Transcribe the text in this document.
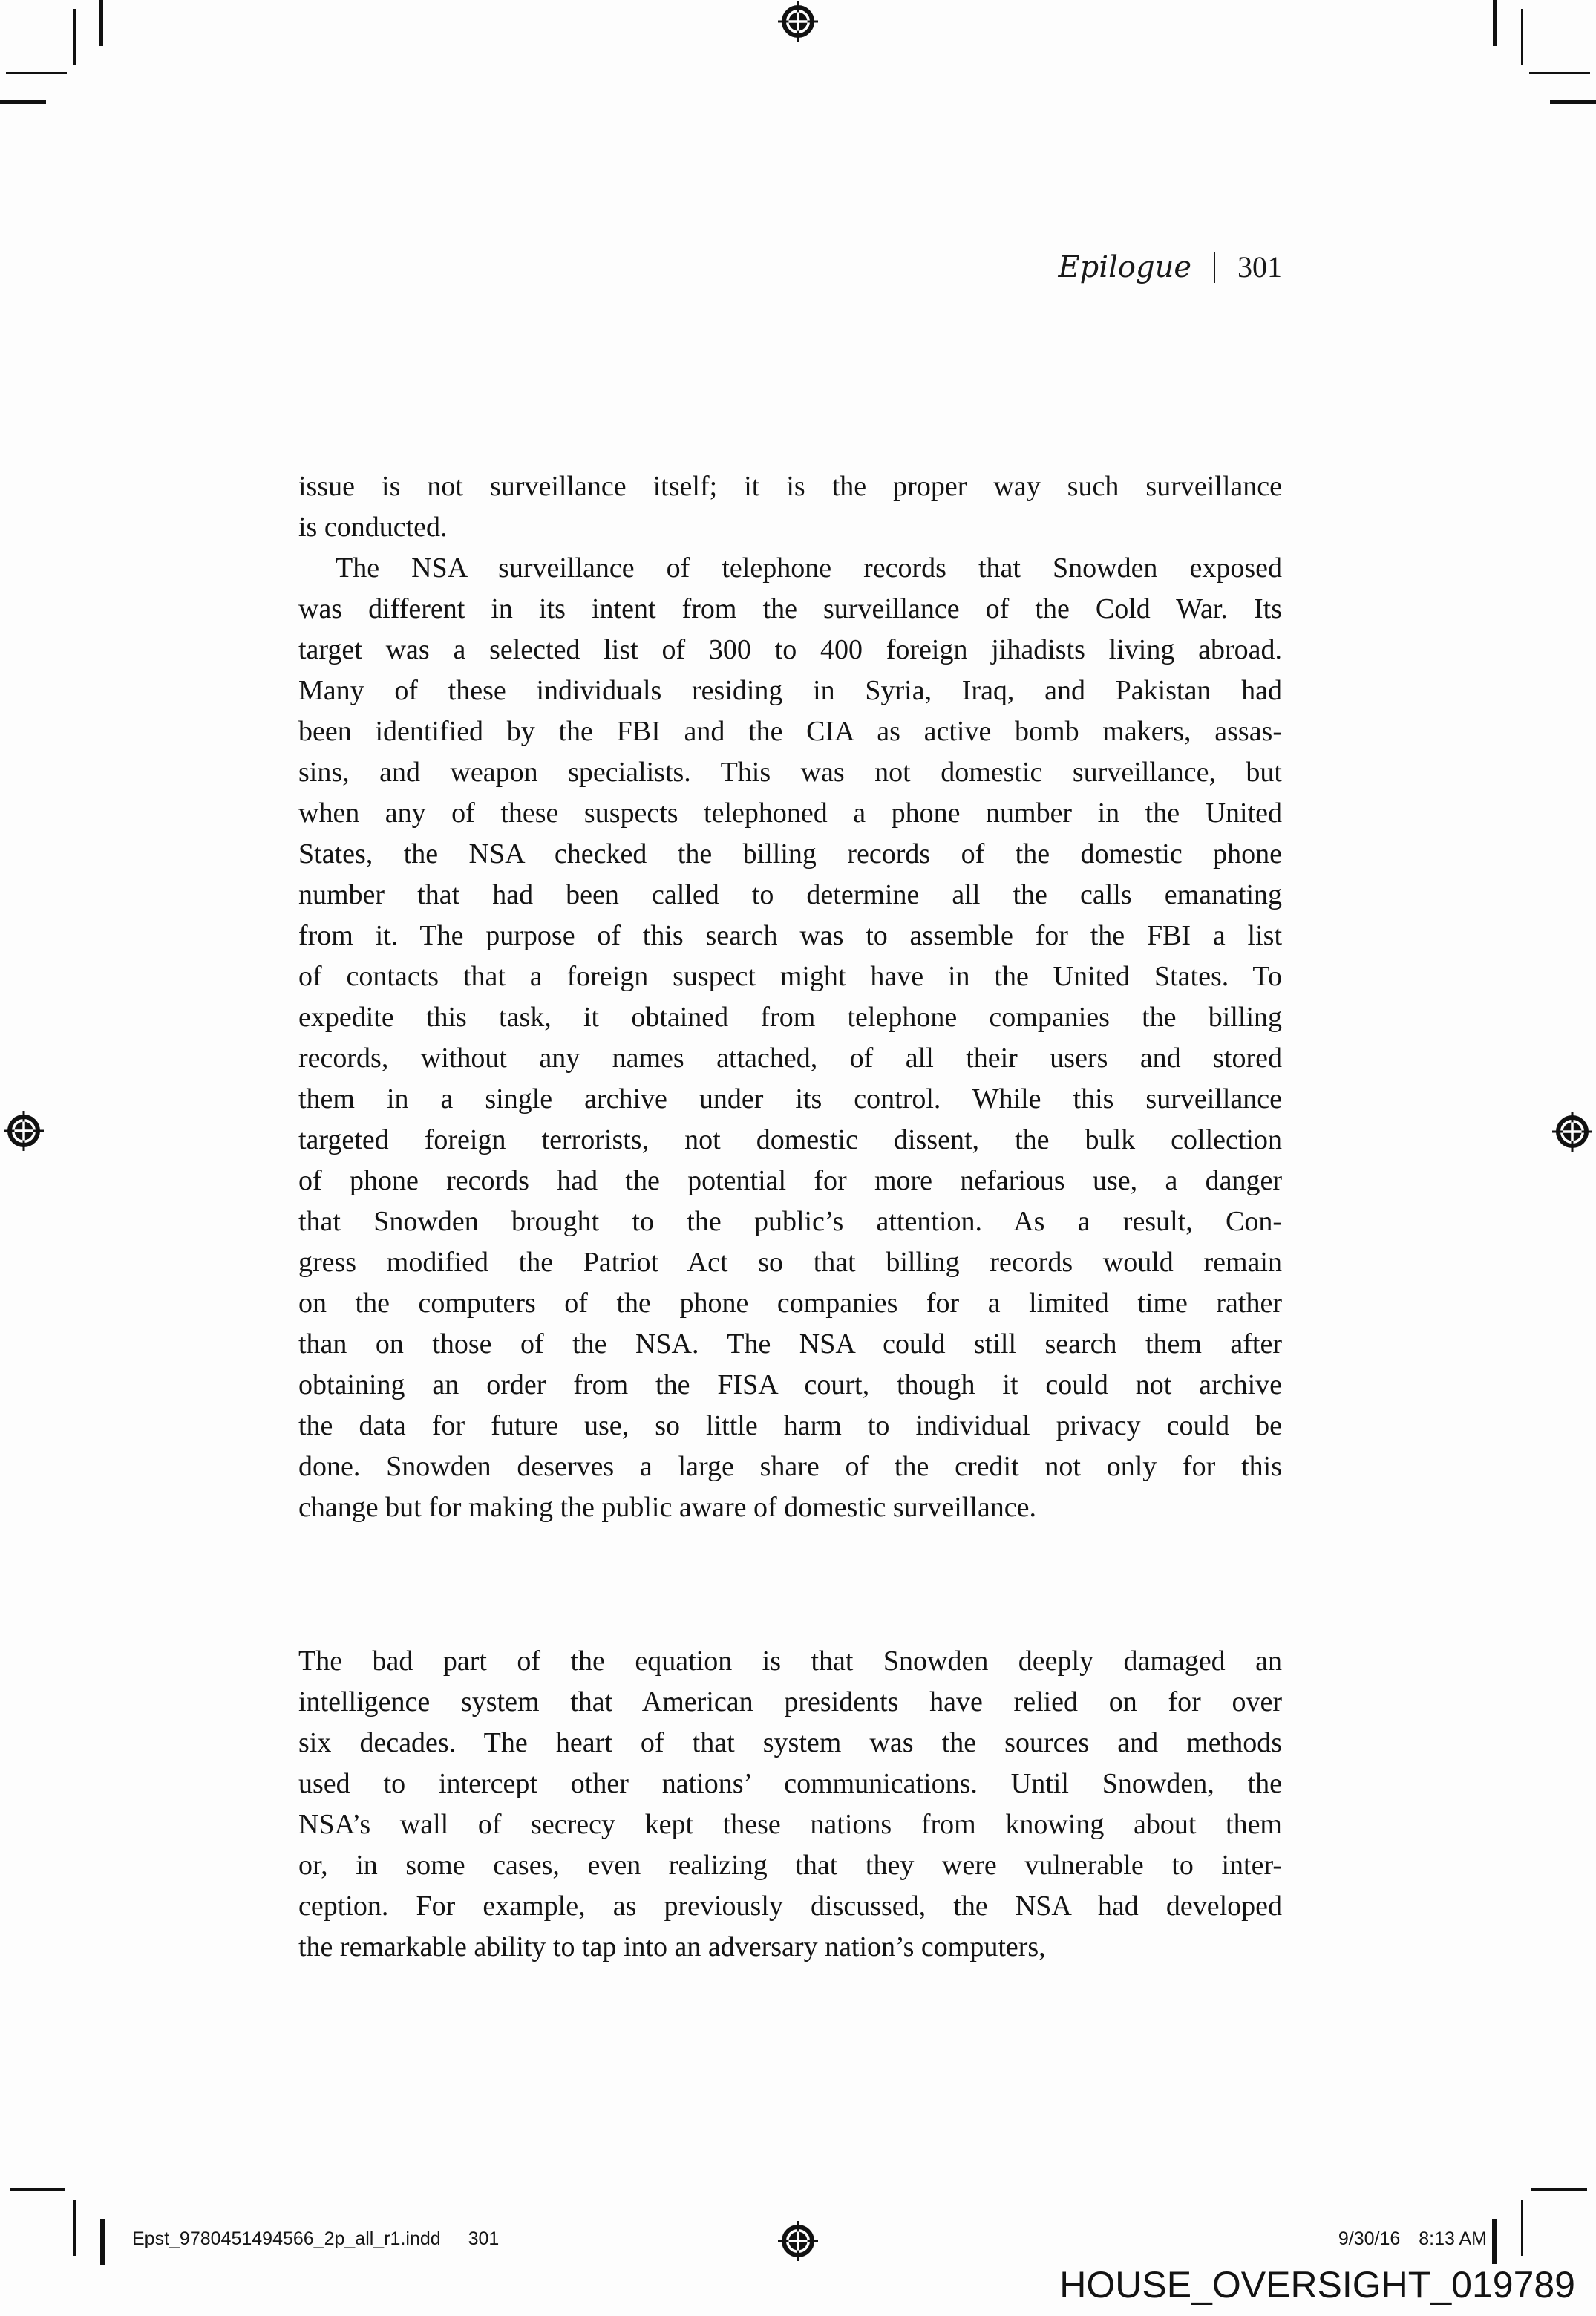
Epilogue 301
issue is not surveillance itself; it is the proper way such surveillance
is conducted.
The NSA surveillance of telephone records that Snowden exposed
was different in its intent from the surveillance of the Cold War. Its
target was a selected list of 300 to 400 foreign jihadists living abroad.
Many of these individuals residing in Syria, Iraq, and Pakistan had
been identified by the FBI and the CIA as active bomb makers, assas-
sins, and weapon specialists. This was not domestic surveillance, but
when any of these suspects telephoned a phone number in the United
States, the NSA checked the billing records of the domestic phone
number that had been called to determine all the calls emanating
from it. The purpose of this search was to assemble for the FBI a list
of contacts that a foreign suspect might have in the United States. To
expedite this task, it obtained from telephone companies the billing
records, without any names attached, of all their users and stored
them in a single archive under its control. While this surveillance
targeted foreign terrorists, not domestic dissent, the bulk collection
of phone records had the potential for more nefarious use, a danger
that Snowden brought to the public’s attention. As a result, Con-
gress modified the Patriot Act so that billing records would remain
on the computers of the phone companies for a limited time rather
than on those of the NSA. The NSA could still search them after
obtaining an order from the FISA court, though it could not archive
the data for future use, so little harm to individual privacy could be
done. Snowden deserves a large share of the credit not only for this
change but for making the public aware of domestic surveillance.
The bad part of the equation is that Snowden deeply damaged an
intelligence system that American presidents have relied on for over
six decades. The heart of that system was the sources and methods
used to intercept other nations’ communications. Until Snowden, the
NSA’s wall of secrecy kept these nations from knowing about them
or, in some cases, even realizing that they were vulnerable to inter-
ception. For example, as previously discussed, the NSA had developed
the remarkable ability to tap into an adversary nation’s computers,
Epst_9780451494566_2p_all_r1.indd 301	9/30/16 8:13 AM
HOUSE_OVERSIGHT_019789
